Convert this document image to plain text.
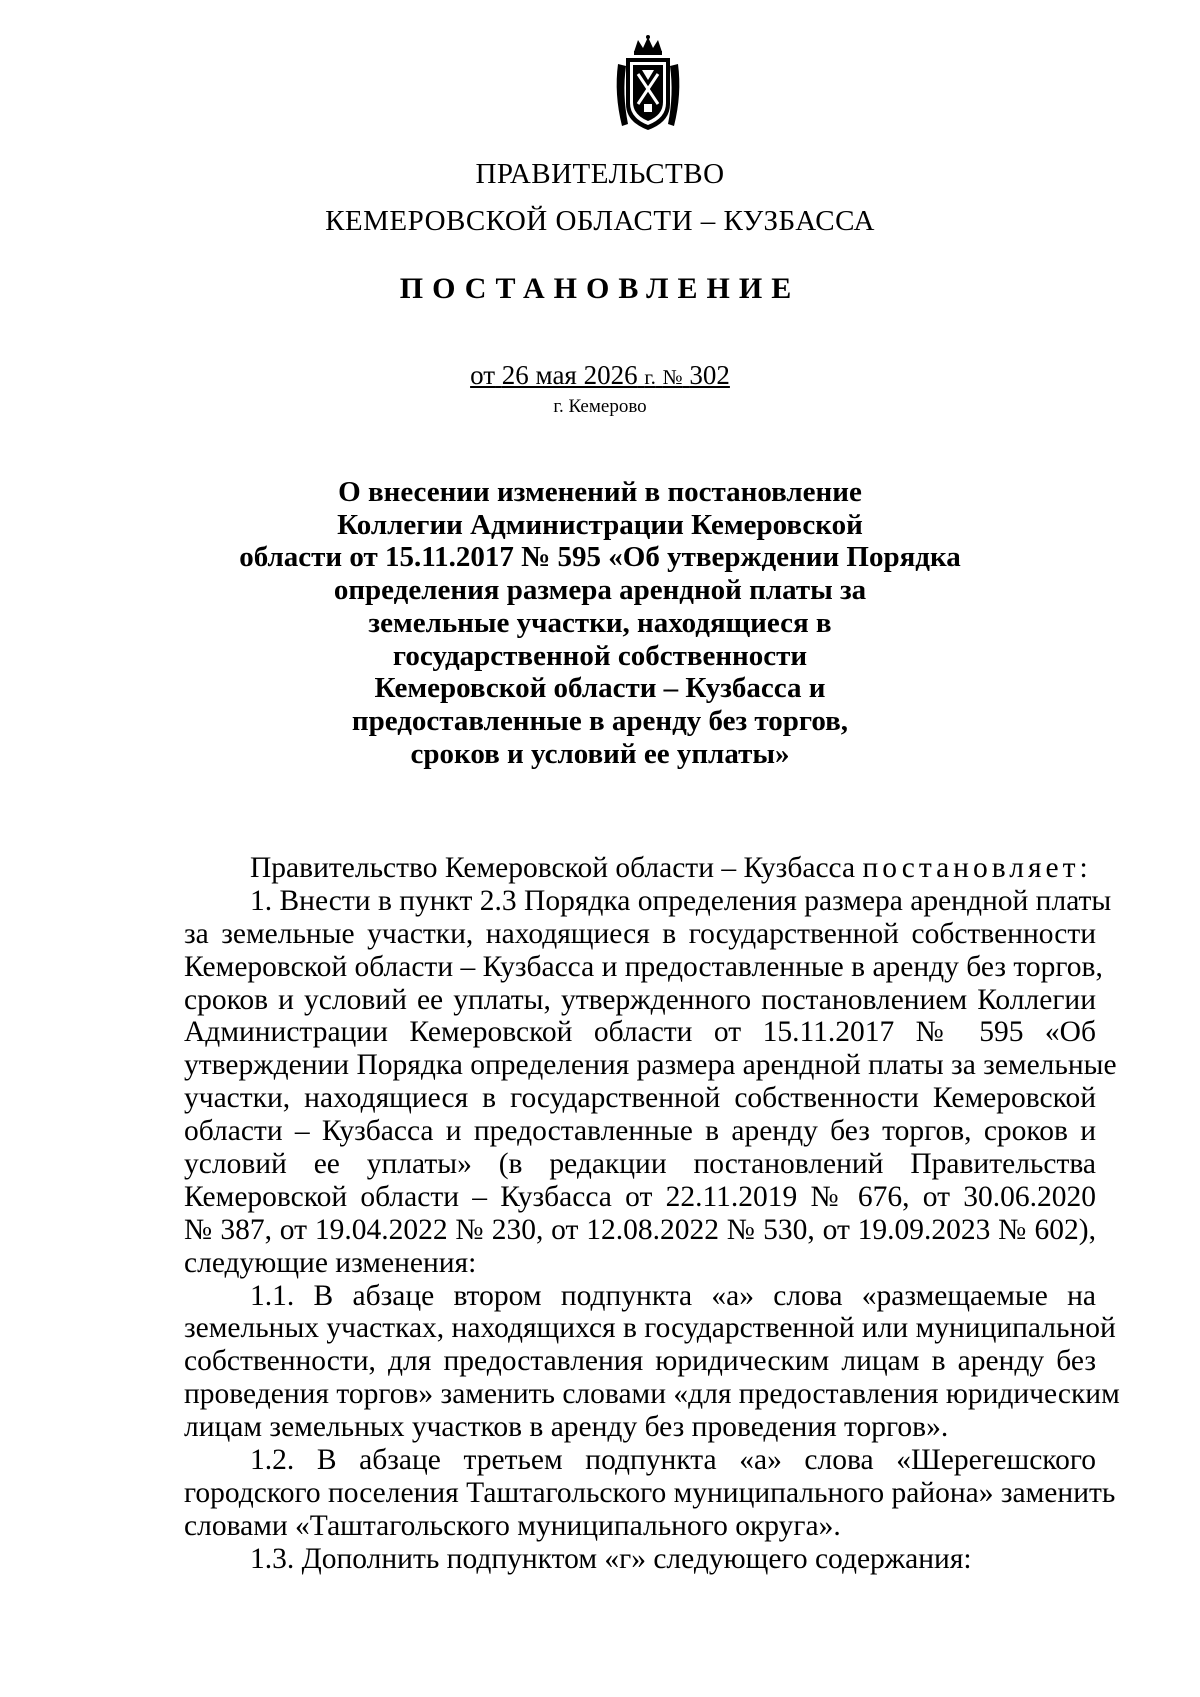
ПРАВИТЕЛЬСТВО
КЕМЕРОВСКОЙ ОБЛАСТИ – КУЗБАССА
ПОСТАНОВЛЕНИЕ
от 26 мая 2026 г. № 302
г. Кемерово
О внесении изменений в постановление
Коллегии Администрации Кемеровской
области от 15.11.2017 № 595 «Об утверждении Порядка
определения размера арендной платы за
земельные участки, находящиеся в
государственной собственности
Кемеровской области – Кузбасса и
предоставленные в аренду без торгов,
сроков и условий ее уплаты»
Правительство Кемеровской области – Кузбасса постановляет:
1. Внести в пункт 2.3 Порядка определения размера арендной платы
за земельные участки, находящиеся в государственной собственности
Кемеровской области – Кузбасса и предоставленные в аренду без торгов,
сроков и условий ее уплаты, утвержденного постановлением Коллегии
Администрации Кемеровской области от 15.11.2017 № 595 «Об
утверждении Порядка определения размера арендной платы за земельные
участки, находящиеся в государственной собственности Кемеровской
области – Кузбасса и предоставленные в аренду без торгов, сроков и
условий ее уплаты» (в редакции постановлений Правительства
Кемеровской области – Кузбасса от 22.11.2019 № 676, от 30.06.2020
№ 387, от 19.04.2022 № 230, от 12.08.2022 № 530, от 19.09.2023 № 602),
следующие изменения:
1.1. В абзаце втором подпункта «а» слова «размещаемые на
земельных участках, находящихся в государственной или муниципальной
собственности, для предоставления юридическим лицам в аренду без
проведения торгов» заменить словами «для предоставления юридическим
лицам земельных участков в аренду без проведения торгов».
1.2. В абзаце третьем подпункта «а» слова «Шерегешского
городского поселения Таштагольского муниципального района» заменить
словами «Таштагольского муниципального округа».
1.3. Дополнить подпунктом «г» следующего содержания:
